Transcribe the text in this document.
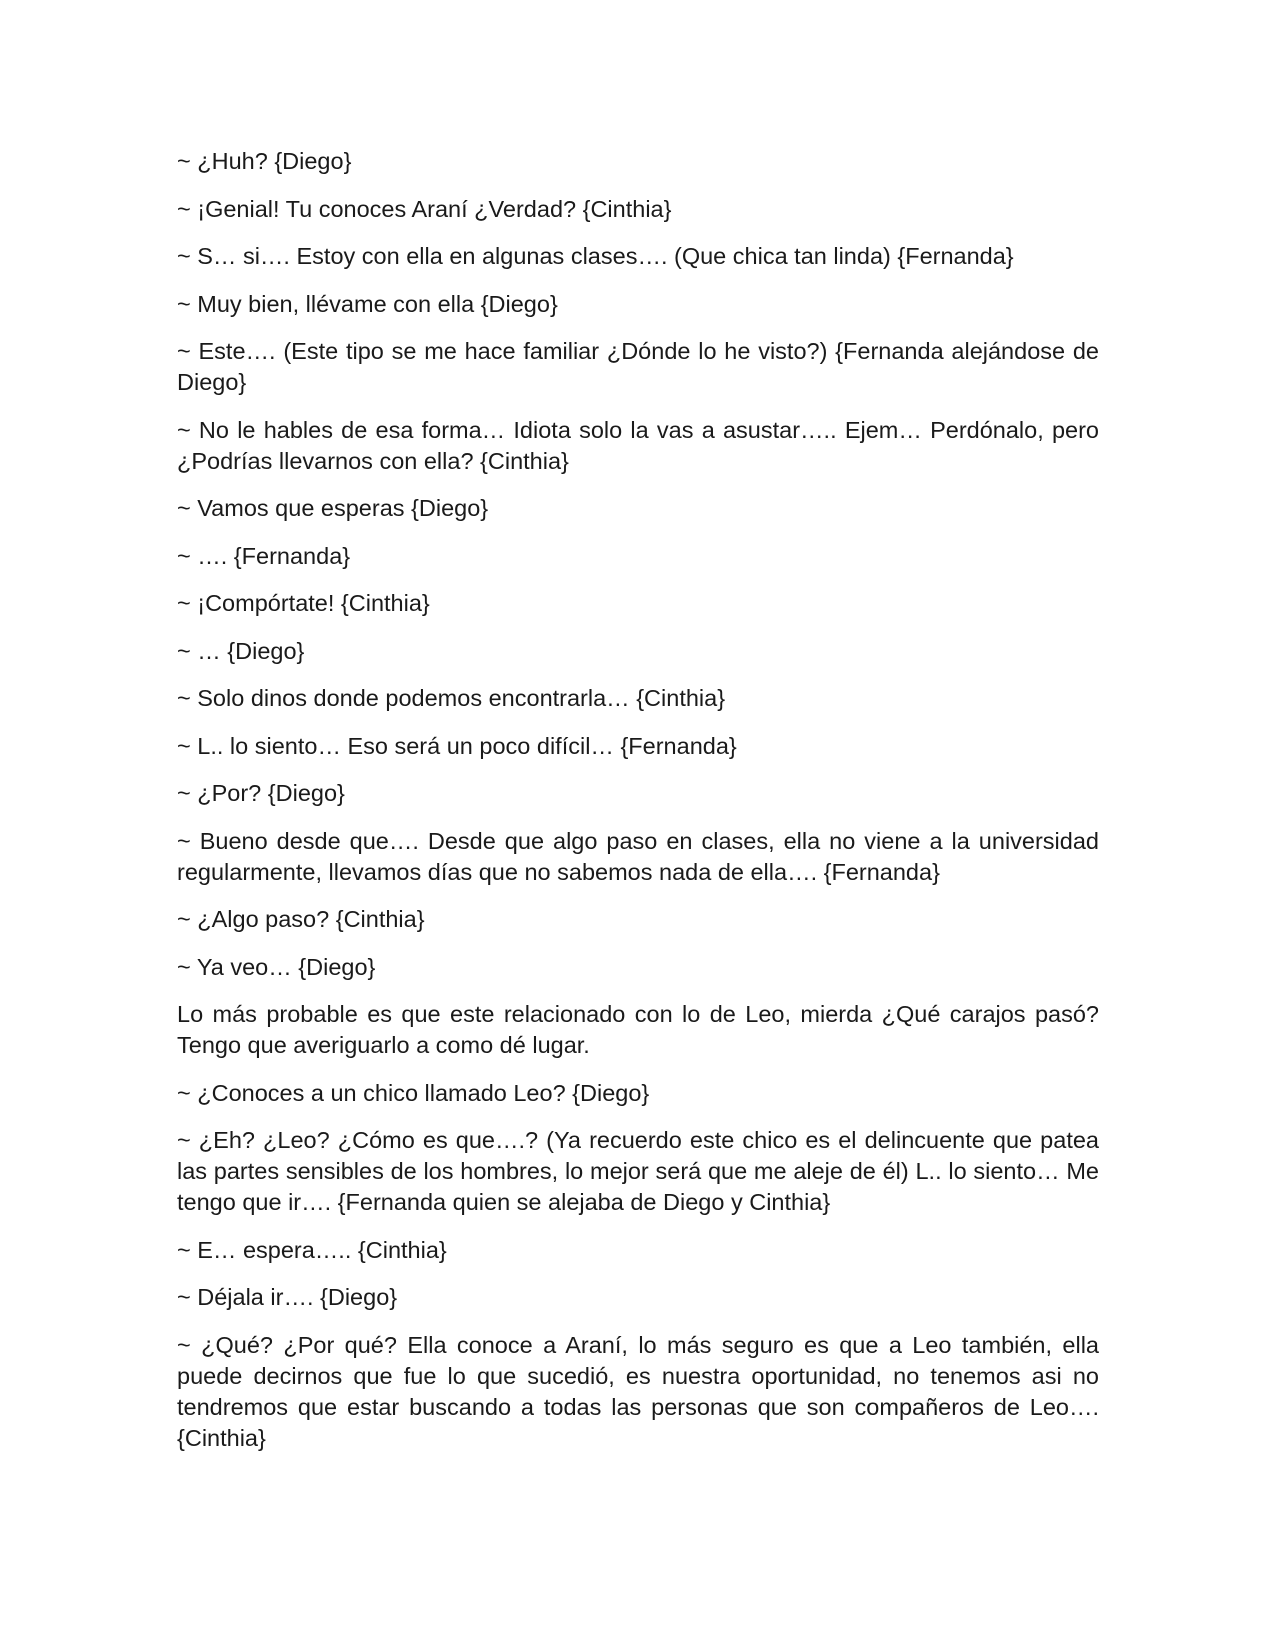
~ ¿Huh? {Diego}

~ ¡Genial! Tu conoces Araní ¿Verdad? {Cinthia}

~ S… si…. Estoy con ella en algunas clases…. (Que chica tan linda) {Fernanda}

~ Muy bien, llévame con ella {Diego}

~ Este…. (Este tipo se me hace familiar ¿Dónde lo he visto?) {Fernanda alejándose de Diego}

~ No le hables de esa forma… Idiota solo la vas a asustar….. Ejem… Perdónalo, pero ¿Podrías llevarnos con ella? {Cinthia}

~ Vamos que esperas {Diego}

~ …. {Fernanda}

~ ¡Compórtate! {Cinthia}

~ … {Diego}

~ Solo dinos donde podemos encontrarla… {Cinthia}

~ L.. lo siento… Eso será un poco difícil… {Fernanda}

~ ¿Por? {Diego}

~ Bueno desde que…. Desde que algo paso en clases, ella no viene a la universidad regularmente, llevamos días que no sabemos nada de ella…. {Fernanda}

~ ¿Algo paso? {Cinthia}

~ Ya veo… {Diego}

Lo más probable es que este relacionado con lo de Leo, mierda ¿Qué carajos pasó? Tengo que averiguarlo a como dé lugar.

~ ¿Conoces a un chico llamado Leo? {Diego}

~ ¿Eh? ¿Leo? ¿Cómo es que….? (Ya recuerdo este chico es el delincuente que patea las partes sensibles de los hombres, lo mejor será que me aleje de él) L.. lo siento… Me tengo que ir…. {Fernanda quien se alejaba de Diego y Cinthia}

~ E… espera….. {Cinthia}

~ Déjala ir…. {Diego}

~ ¿Qué? ¿Por qué? Ella conoce a Araní, lo más seguro es que a Leo también, ella puede decirnos que fue lo que sucedió, es nuestra oportunidad, no tenemos asi no tendremos que estar buscando a todas las personas que son compañeros de Leo…. {Cinthia}
